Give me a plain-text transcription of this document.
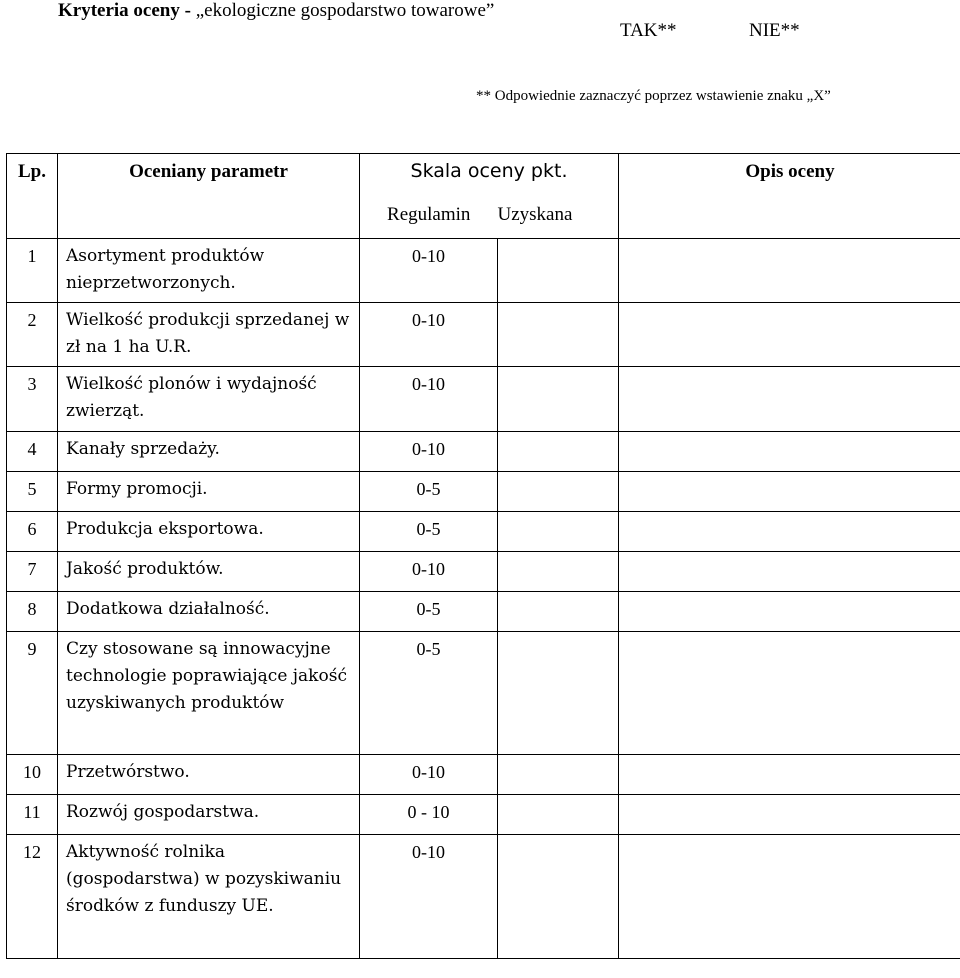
Kryteria oceny - „ekologiczne gospodarstwo towarowe”
TAK**	NIE**
** Odpowiednie zaznaczyć poprzez wstawienie znaku „X”
Lp.	Oceniany parametr	Skala oceny pkt.		Opis oceny
		Regulamin	Uzyskana	
1	Asortyment produktów nieprzetworzonych.	0-10		
2	Wielkość produkcji sprzedanej w zł na 1 ha U.R.	0-10		
3	Wielkość plonów i wydajność zwierząt.	0-10		
4	Kanały sprzedaży.	0-10		
5	Formy promocji.	0-5		
6	Produkcja eksportowa.	0-5		
7	Jakość produktów.	0-10		
8	Dodatkowa działalność.	0-5		
9	Czy stosowane są innowacyjne technologie poprawiające jakość uzyskiwanych produktów	0-5		
10	Przetwórstwo.	0-10		
11	Rozwój gospodarstwa.	0 - 10		
12	Aktywność rolnika (gospodarstwa) w pozyskiwaniu środków z funduszy UE.	0-10		
